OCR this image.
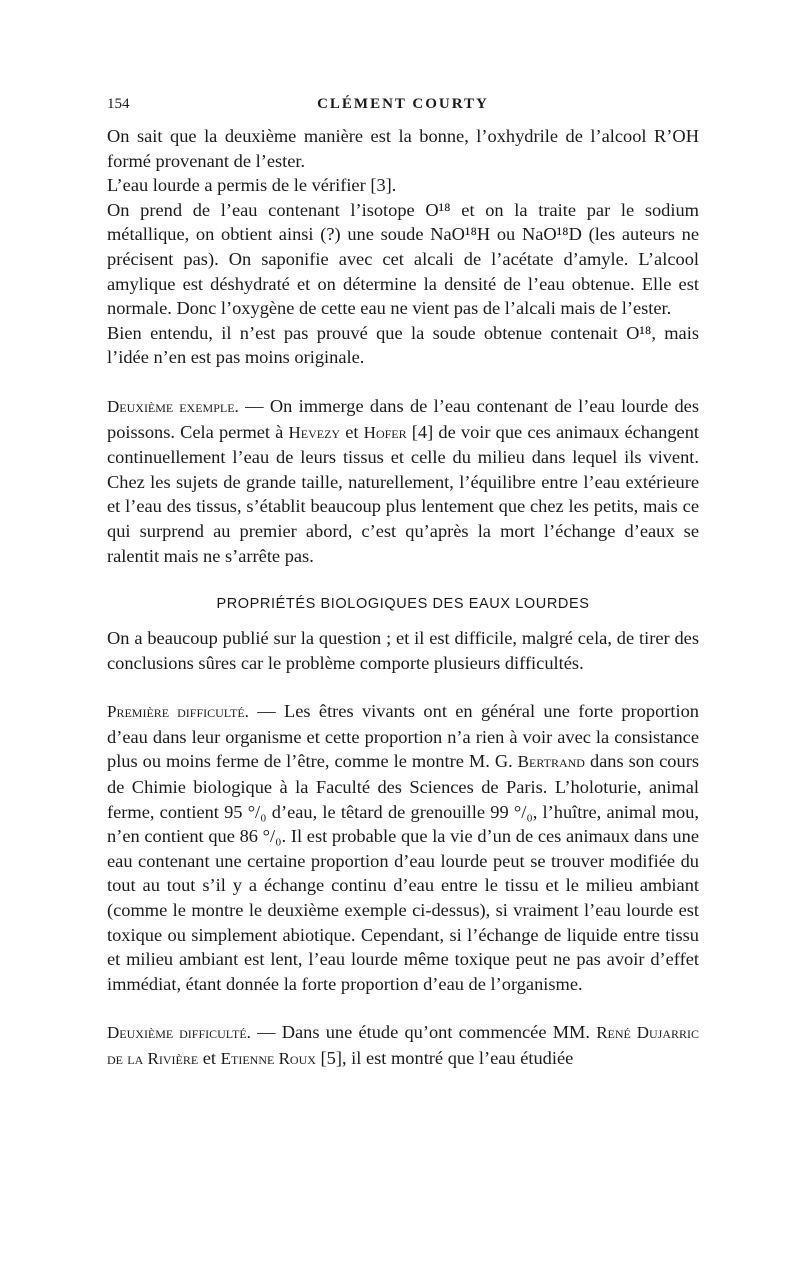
154	CLÉMENT COURTY

On sait que la deuxième manière est la bonne, l’oxhydrile de l’alcool R’OH formé provenant de l’ester.

L’eau lourde a permis de le vérifier [3].

On prend de l’eau contenant l’isotope O¹⁸ et on la traite par le sodium métallique, on obtient ainsi (?) une soude NaO¹⁸H ou NaO¹⁸D (les auteurs ne précisent pas). On saponifie avec cet alcali de l’acétate d’amyle. L’alcool amylique est déshydraté et on détermine la densité de l’eau obtenue. Elle est normale. Donc l’oxygène de cette eau ne vient pas de l’alcali mais de l’ester.

Bien entendu, il n’est pas prouvé que la soude obtenue contenait O¹⁸, mais l’idée n’en est pas moins originale.

Deuxième exemple. — On immerge dans de l’eau contenant de l’eau lourde des poissons. Cela permet à Hevezy et Hofer [4] de voir que ces animaux échangent continuellement l’eau de leurs tissus et celle du milieu dans lequel ils vivent. Chez les sujets de grande taille, naturellement, l’équilibre entre l’eau extérieure et l’eau des tissus, s’établit beaucoup plus lentement que chez les petits, mais ce qui surprend au premier abord, c’est qu’après la mort l’échange d’eaux se ralentit mais ne s’arrête pas.

PROPRIÉTÉS BIOLOGIQUES DES EAUX LOURDES

On a beaucoup publié sur la question ; et il est difficile, malgré cela, de tirer des conclusions sûres car le problème comporte plusieurs difficultés.

Première difficulté. — Les êtres vivants ont en général une forte proportion d’eau dans leur organisme et cette proportion n’a rien à voir avec la consistance plus ou moins ferme de l’être, comme le montre M. G. Bertrand dans son cours de Chimie biologique à la Faculté des Sciences de Paris. L’holoturie, animal ferme, contient 95 °/₀ d’eau, le têtard de grenouille 99 °/₀, l’huître, animal mou, n’en contient que 86 °/₀. Il est probable que la vie d’un de ces animaux dans une eau contenant une certaine proportion d’eau lourde peut se trouver modifiée du tout au tout s’il y a échange continu d’eau entre le tissu et le milieu ambiant (comme le montre le deuxième exemple ci-dessus), si vraiment l’eau lourde est toxique ou simplement abiotique. Cependant, si l’échange de liquide entre tissu et milieu ambiant est lent, l’eau lourde même toxique peut ne pas avoir d’effet immédiat, étant donnée la forte proportion d’eau de l’organisme.

Deuxième difficulté. — Dans une étude qu’ont commencée MM. René Dujarric de la Rivière et Etienne Roux [5], il est montré que l’eau étudiée
